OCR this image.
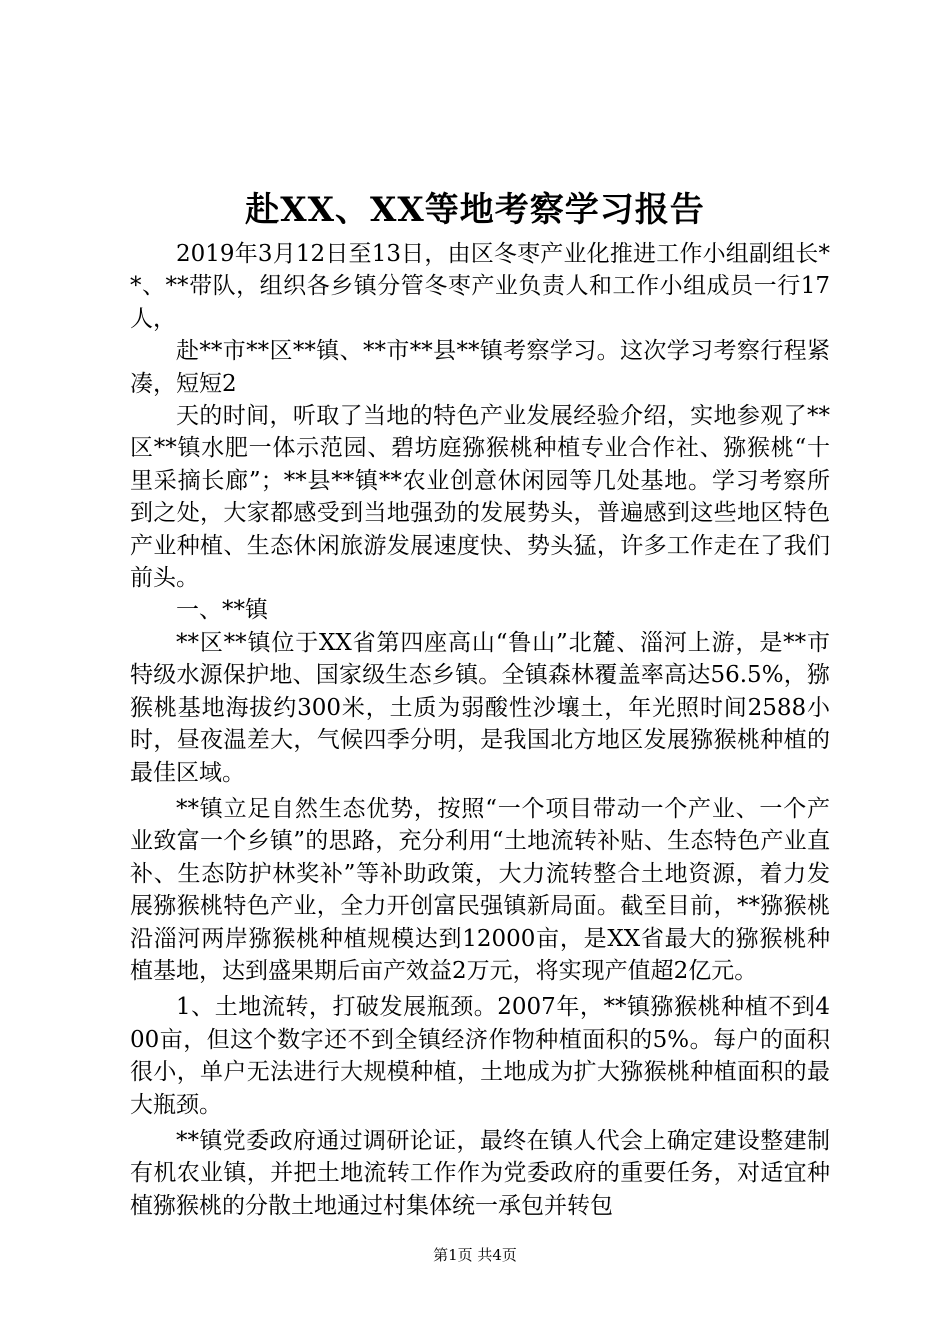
赴XX、XX等地考察学习报告

2019年3月12日至13日，由区冬枣产业化推进工作小组副组长**、**带队，组织各乡镇分管冬枣产业负责人和工作小组成员一行17人，

赴**市**区**镇、**市**县**镇考察学习。这次学习考察行程紧凑，短短2

天的时间，听取了当地的特色产业发展经验介绍，实地参观了**区**镇水肥一体示范园、碧坊庭猕猴桃种植专业合作社、猕猴桃“十里采摘长廊”；**县**镇**农业创意休闲园等几处基地。学习考察所到之处，大家都感受到当地强劲的发展势头，普遍感到这些地区特色产业种植、生态休闲旅游发展速度快、势头猛，许多工作走在了我们前头。

一、**镇

**区**镇位于XX省第四座高山“鲁山”北麓、淄河上游，是**市特级水源保护地、国家级生态乡镇。全镇森林覆盖率高达56.5%，猕猴桃基地海拔约300米，土质为弱酸性沙壤土，年光照时间2588小时，昼夜温差大，气候四季分明，是我国北方地区发展猕猴桃种植的最佳区域。

**镇立足自然生态优势，按照“一个项目带动一个产业、一个产业致富一个乡镇”的思路，充分利用“土地流转补贴、生态特色产业直补、生态防护林奖补”等补助政策，大力流转整合土地资源，着力发展猕猴桃特色产业，全力开创富民强镇新局面。截至目前，**猕猴桃沿淄河两岸猕猴桃种植规模达到12000亩，是XX省最大的猕猴桃种植基地，达到盛果期后亩产效益2万元，将实现产值超2亿元。

1、土地流转，打破发展瓶颈。2007年，**镇猕猴桃种植不到400亩，但这个数字还不到全镇经济作物种植面积的5%。每户的面积很小，单户无法进行大规模种植，土地成为扩大猕猴桃种植面积的最大瓶颈。

**镇党委政府通过调研论证，最终在镇人代会上确定建设整建制有机农业镇，并把土地流转工作作为党委政府的重要任务，对适宜种植猕猴桃的分散土地通过村集体统一承包并转包

第1页 共4页
